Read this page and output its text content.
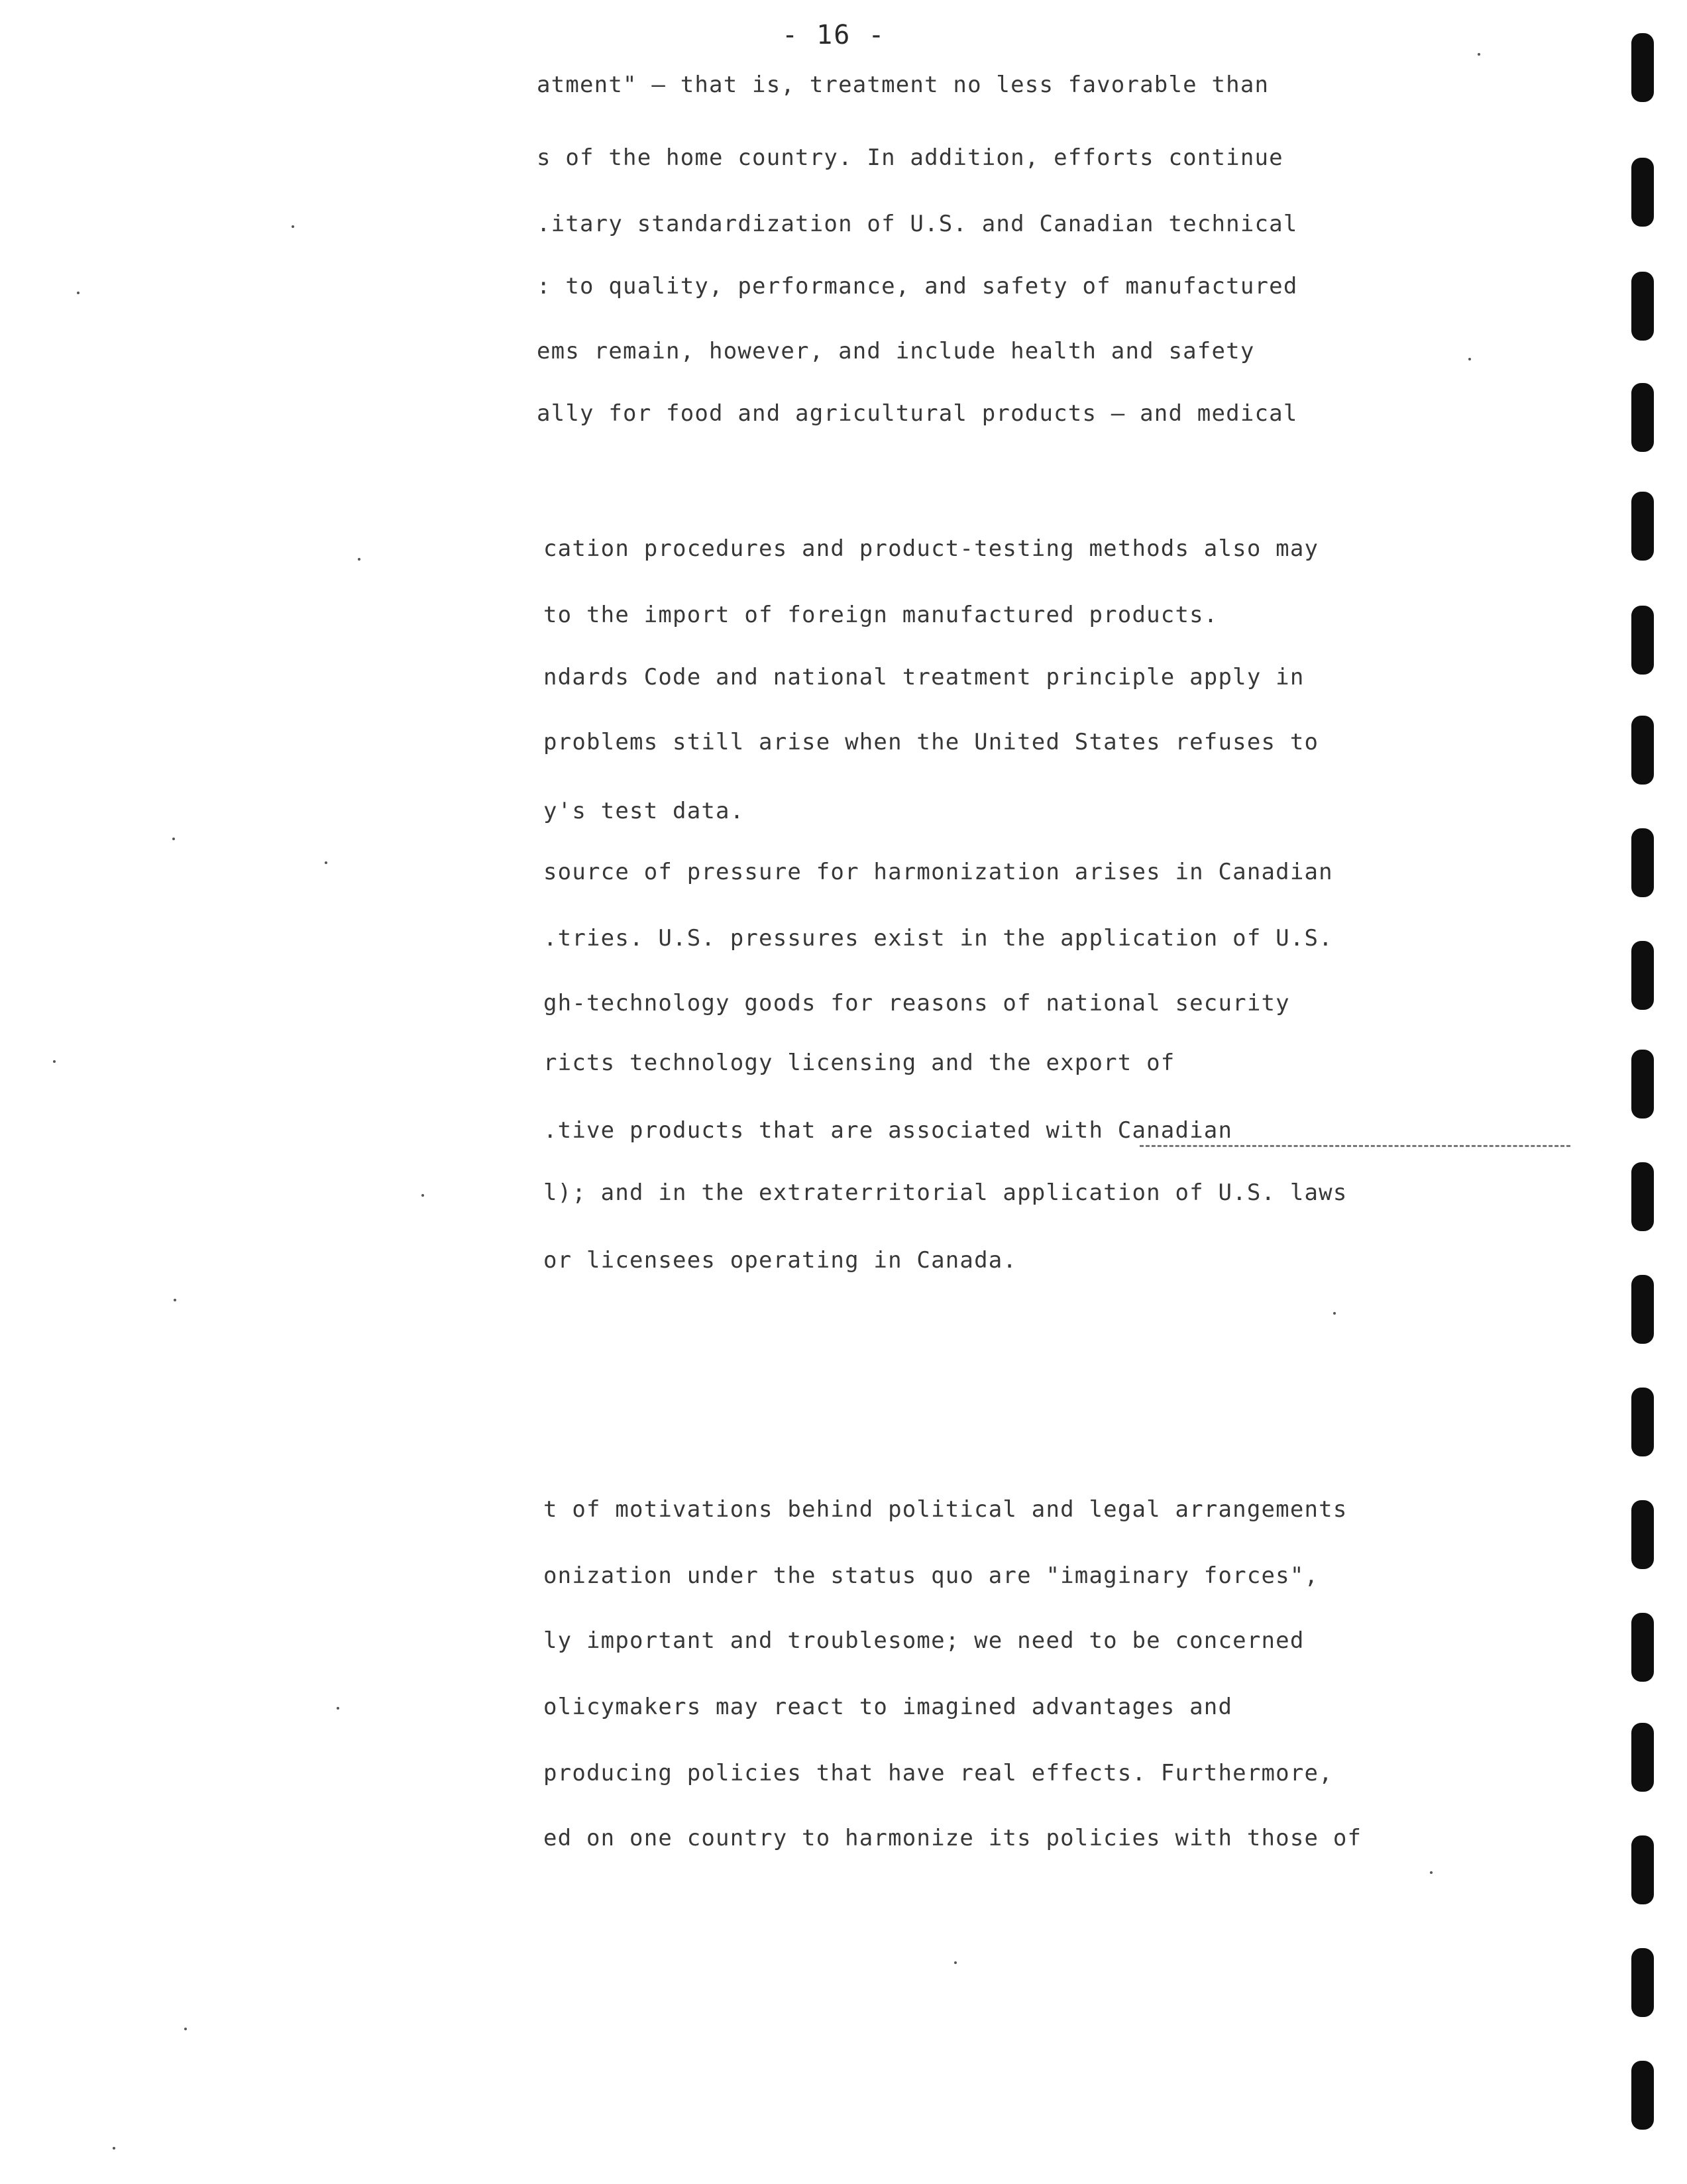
- 16 -
atment" — that is, treatment no less favorable than
s of the home country. In addition, efforts continue
.itary standardization of U.S. and Canadian technical
: to quality, performance, and safety of manufactured
ems remain, however, and include health and safety
ally for food and agricultural products — and medical
cation procedures and product-testing methods also may
to the import of foreign manufactured products.
ndards Code and national treatment principle apply in
problems still arise when the United States refuses to
y's test data.
source of pressure for harmonization arises in Canadian
.tries. U.S. pressures exist in the application of U.S.
gh-technology goods for reasons of national security
ricts technology licensing and the export of
.tive products that are associated with Canadian
l); and in the extraterritorial application of U.S. laws
or licensees operating in Canada.
t of motivations behind political and legal arrangements
onization under the status quo are "imaginary forces",
ly important and troublesome; we need to be concerned
olicymakers may react to imagined advantages and
producing policies that have real effects. Furthermore,
ed on one country to harmonize its policies with those of
